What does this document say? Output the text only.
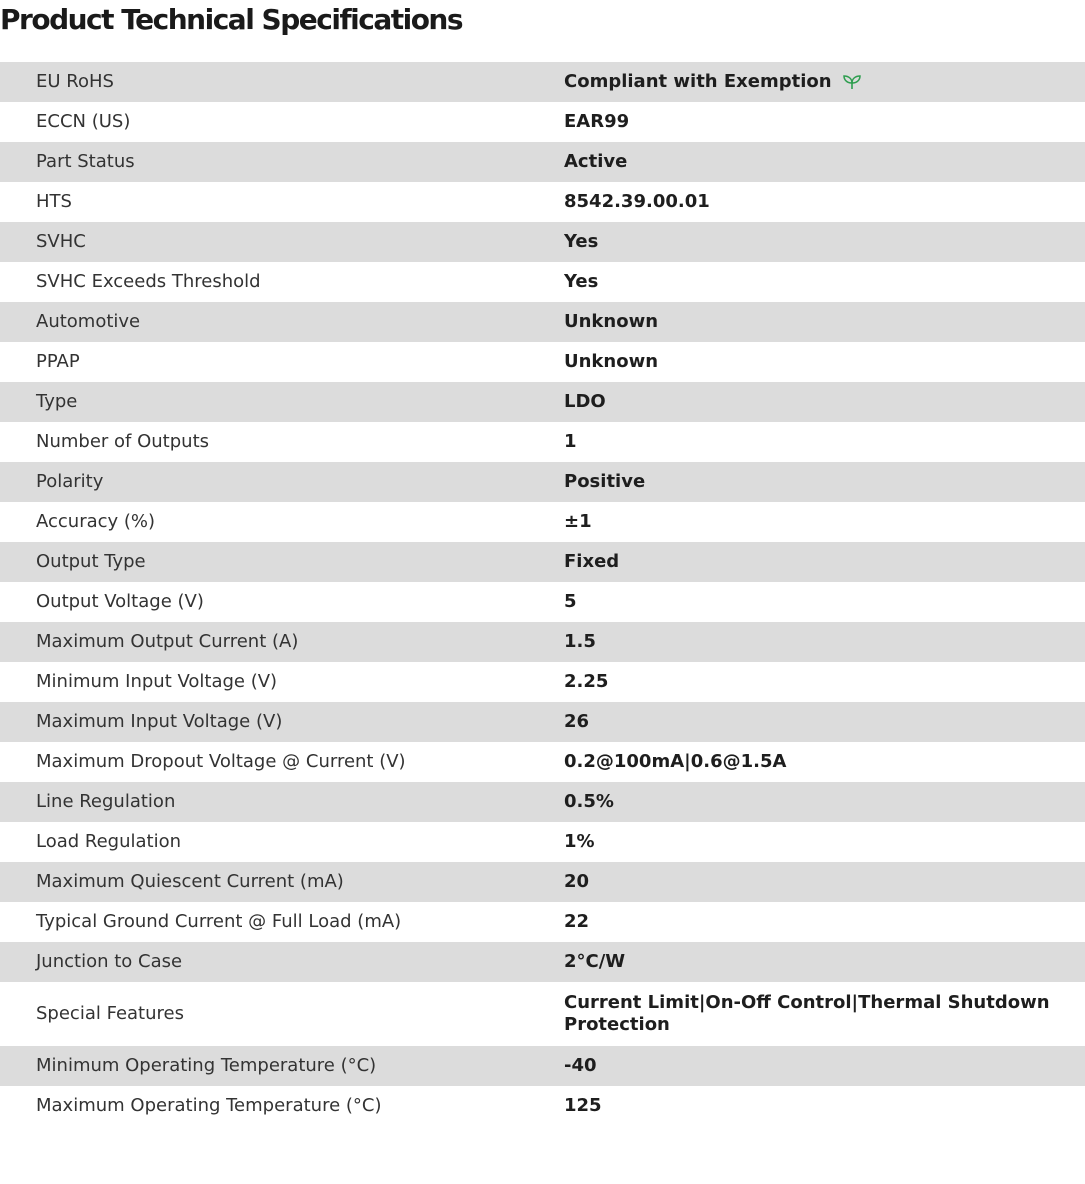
Product Technical Specifications
EU RoHS	Compliant with Exemption
ECCN (US)	EAR99
Part Status	Active
HTS	8542.39.00.01
SVHC	Yes
SVHC Exceeds Threshold	Yes
Automotive	Unknown
PPAP	Unknown
Type	LDO
Number of Outputs	1
Polarity	Positive
Accuracy (%)	±1
Output Type	Fixed
Output Voltage (V)	5
Maximum Output Current (A)	1.5
Minimum Input Voltage (V)	2.25
Maximum Input Voltage (V)	26
Maximum Dropout Voltage @ Current (V)	0.2@100mA|0.6@1.5A
Line Regulation	0.5%
Load Regulation	1%
Maximum Quiescent Current (mA)	20
Typical Ground Current @ Full Load (mA)	22
Junction to Case	2°C/W
Special Features	Current Limit|On-Off Control|Thermal Shutdown Protection
Minimum Operating Temperature (°C)	-40
Maximum Operating Temperature (°C)	125
